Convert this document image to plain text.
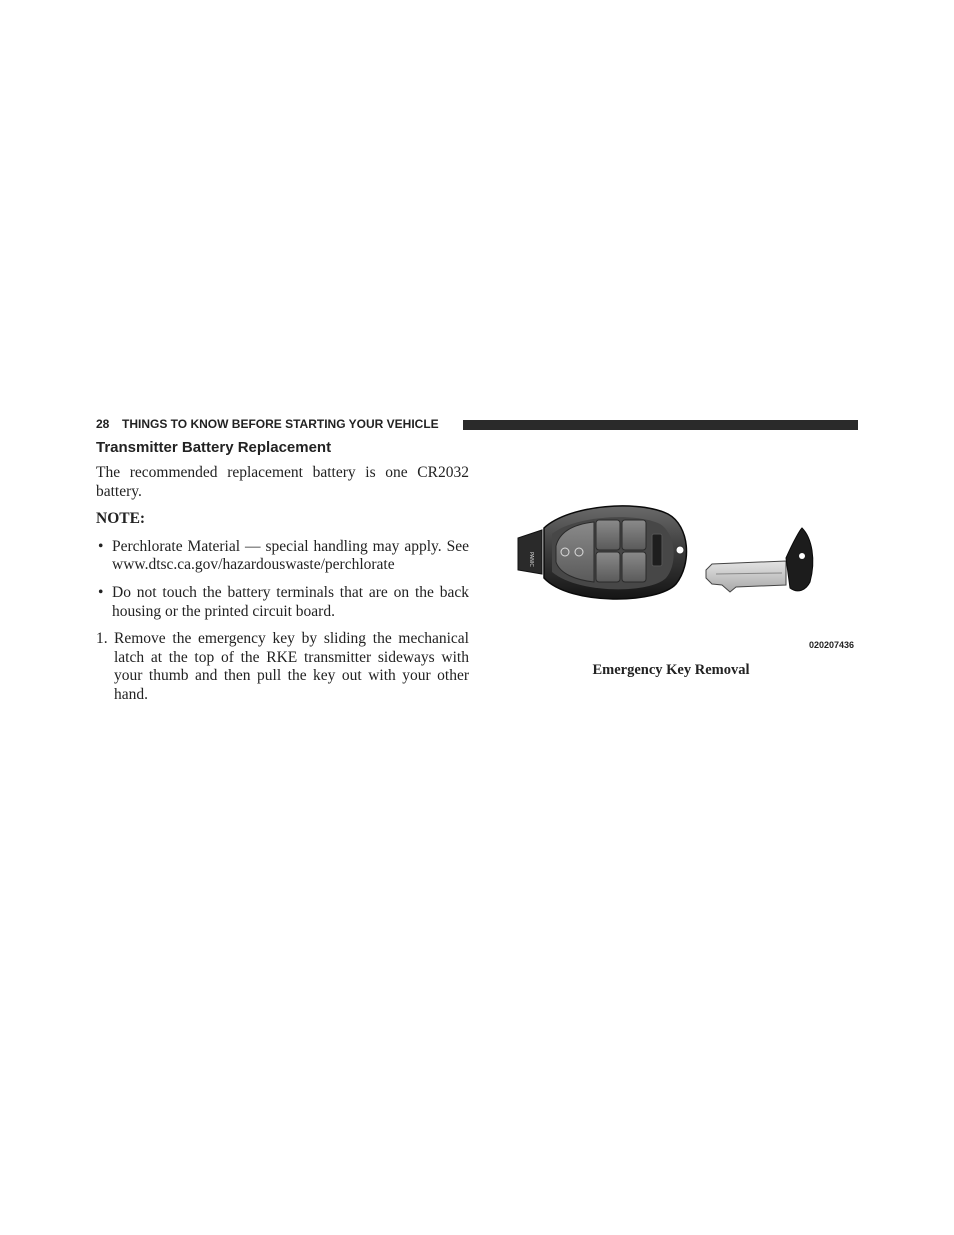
28 THINGS TO KNOW BEFORE STARTING YOUR VEHICLE
Transmitter Battery Replacement

The recommended replacement battery is one CR2032 battery.

NOTE:

• Perchlorate Material — special handling may apply. See www.dtsc.ca.gov/hazardouswaste/perchlorate
• Do not touch the battery terminals that are on the back housing or the printed circuit board.
1. Remove the emergency key by sliding the mechanical latch at the top of the RKE transmitter sideways with your thumb and then pull the key out with your other hand.
PANIC
020207436
Emergency Key Removal
